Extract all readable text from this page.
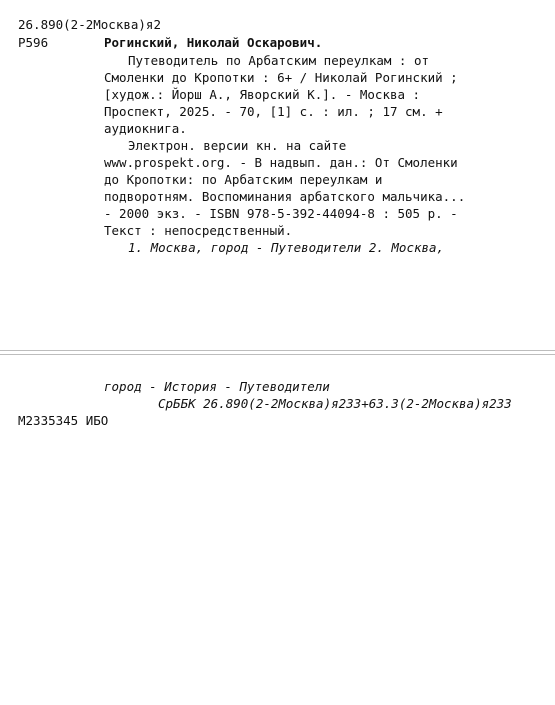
26.890(2-2Москва)я2
Р596	Рогинский, Николай Оскарович.
Путеводитель по Арбатским переулкам : от
Смоленки до Кропотки : 6+ / Николай Рогинский ;
[худож.: Йорш А., Яворский К.]. - Москва :
Проспект, 2025. - 70, [1] с. : ил. ; 17 см. +
аудиокнига.
Электрон. версии кн. на сайте
www.prospekt.org. - В надвып. дан.: От Смоленки
до Кропотки: по Арбатским переулкам и
подворотням. Воспоминания арбатского мальчика...
- 2000 экз. - ISBN 978-5-392-44094-8 : 505 р. -
Текст : непосредственный.
1. Москва, город - Путеводители 2. Москва,
город - История - Путеводители
СрББК 26.890(2-2Москва)я233+63.3(2-2Москва)я233
М2335345 ИБО
